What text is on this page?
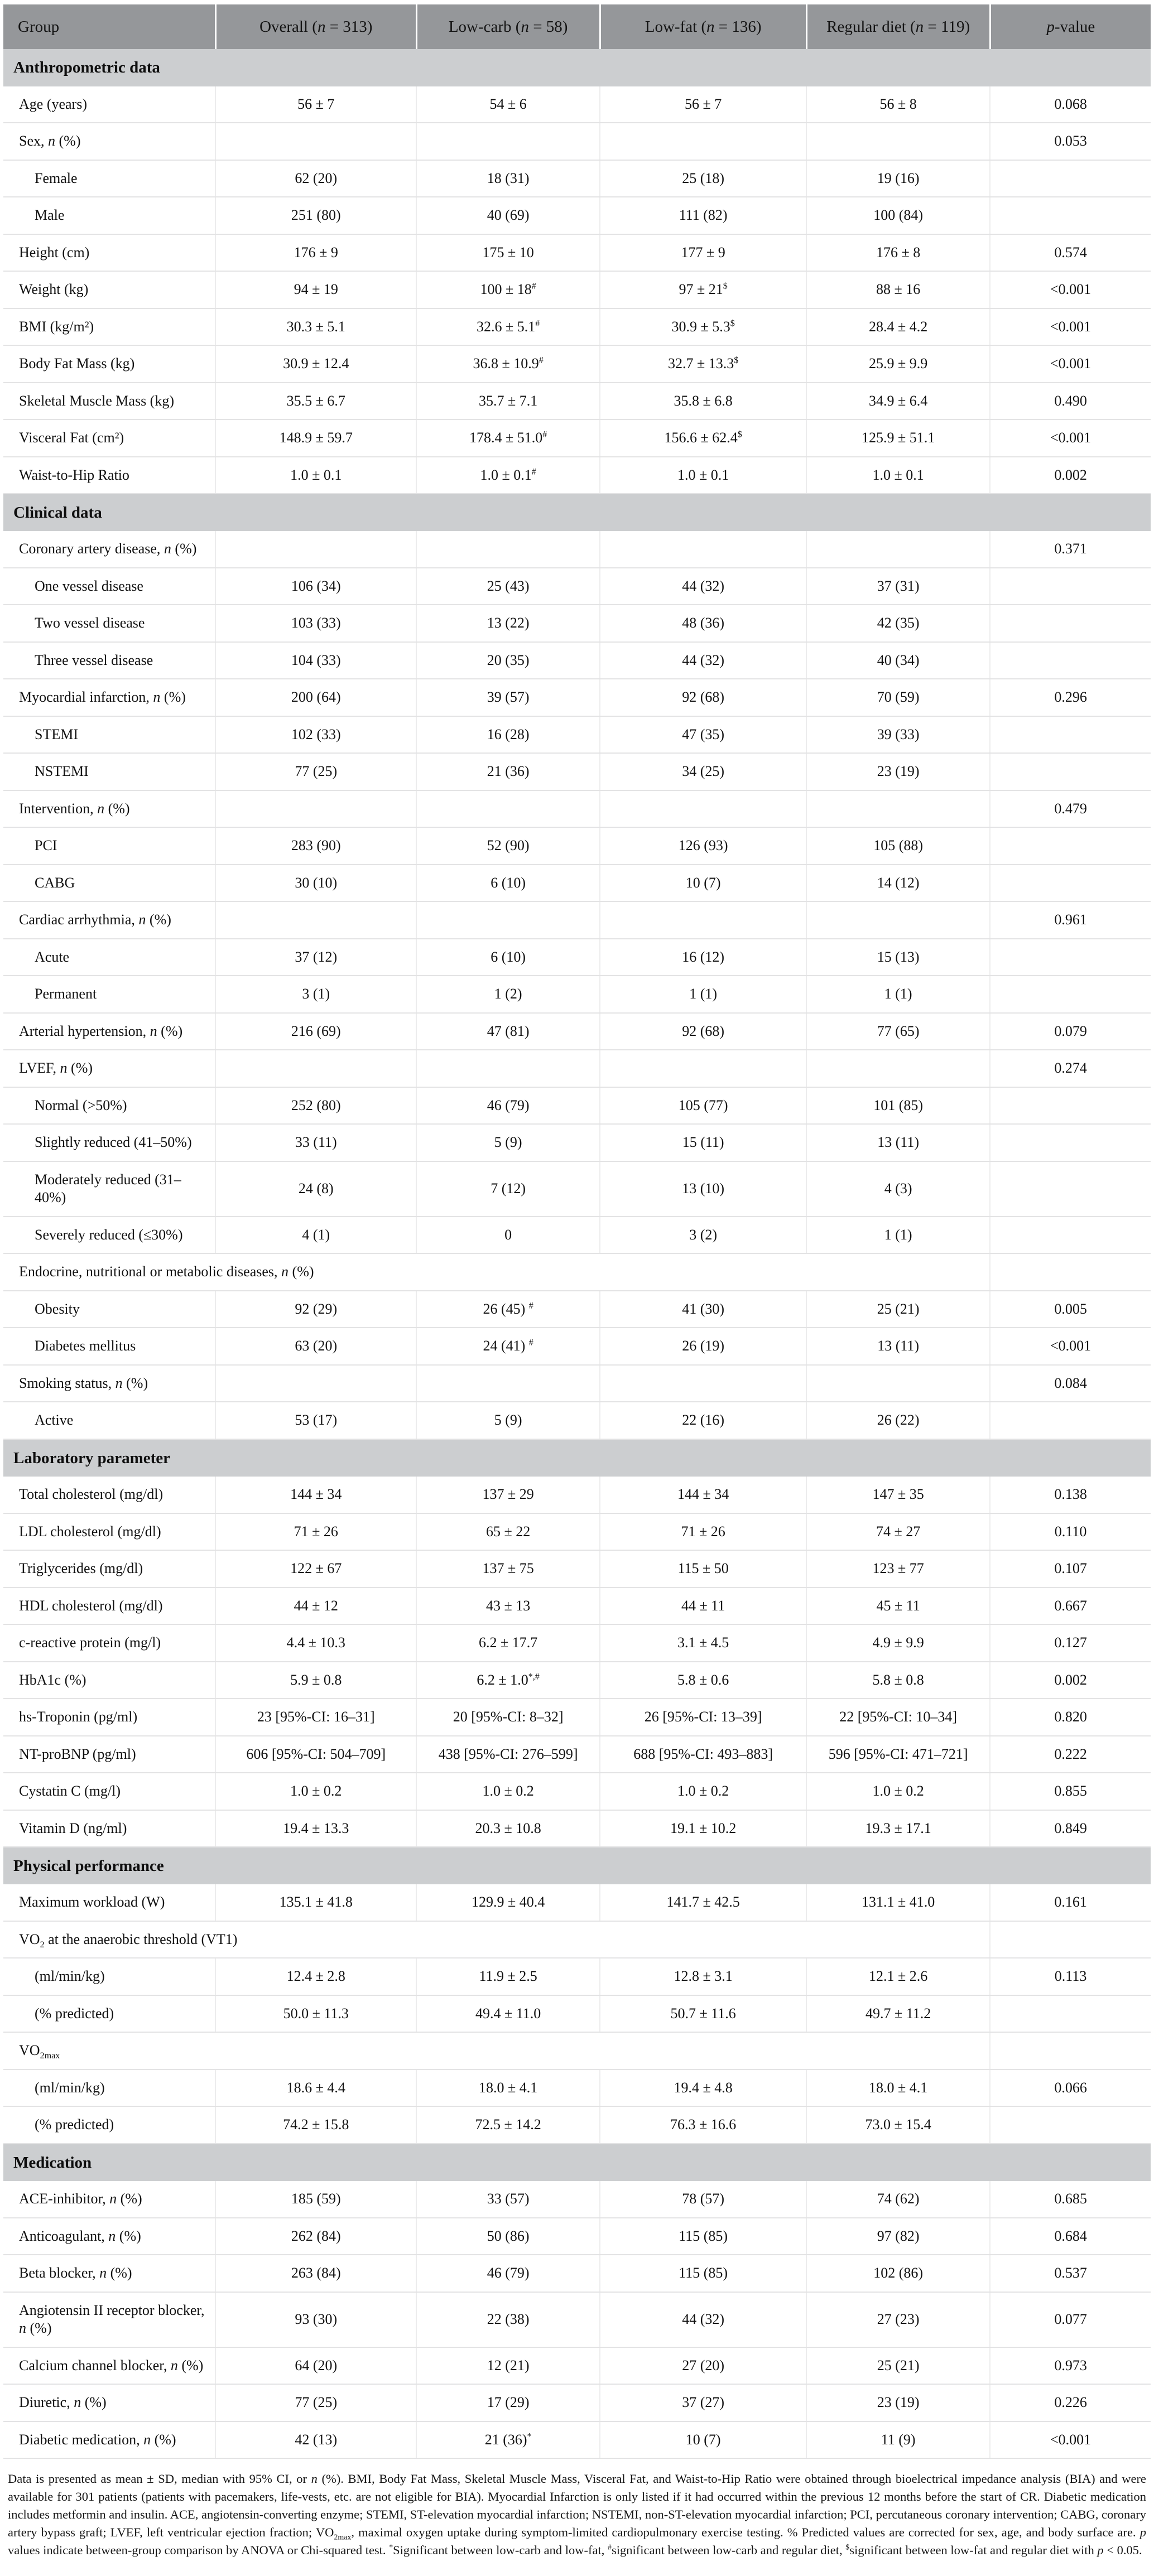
Group	Overall (n = 313)	Low-carb (n = 58)	Low-fat (n = 136)	Regular diet (n = 119)	p-value
Anthropometric data					
Age (years)	56 ± 7	54 ± 6	56 ± 7	56 ± 8	0.068
Sex, n (%)					0.053
Female	62 (20)	18 (31)	25 (18)	19 (16)	
Male	251 (80)	40 (69)	111 (82)	100 (84)	
Height (cm)	176 ± 9	175 ± 10	177 ± 9	176 ± 8	0.574
Weight (kg)	94 ± 19	100 ± 18#	97 ± 21$	88 ± 16	<0.001
BMI (kg/m²)	30.3 ± 5.1	32.6 ± 5.1#	30.9 ± 5.3$	28.4 ± 4.2	<0.001
Body Fat Mass (kg)	30.9 ± 12.4	36.8 ± 10.9#	32.7 ± 13.3$	25.9 ± 9.9	<0.001
Skeletal Muscle Mass (kg)	35.5 ± 6.7	35.7 ± 7.1	35.8 ± 6.8	34.9 ± 6.4	0.490
Visceral Fat (cm²)	148.9 ± 59.7	178.4 ± 51.0#	156.6 ± 62.4$	125.9 ± 51.1	<0.001
Waist-to-Hip Ratio	1.0 ± 0.1	1.0 ± 0.1#	1.0 ± 0.1	1.0 ± 0.1	0.002
Clinical data					
Coronary artery disease, n (%)					0.371
One vessel disease	106 (34)	25 (43)	44 (32)	37 (31)	
Two vessel disease	103 (33)	13 (22)	48 (36)	42 (35)	
Three vessel disease	104 (33)	20 (35)	44 (32)	40 (34)	
Myocardial infarction, n (%)	200 (64)	39 (57)	92 (68)	70 (59)	0.296
STEMI	102 (33)	16 (28)	47 (35)	39 (33)	
NSTEMI	77 (25)	21 (36)	34 (25)	23 (19)	
Intervention, n (%)					0.479
PCI	283 (90)	52 (90)	126 (93)	105 (88)	
CABG	30 (10)	6 (10)	10 (7)	14 (12)	
Cardiac arrhythmia, n (%)					0.961
Acute	37 (12)	6 (10)	16 (12)	15 (13)	
Permanent	3 (1)	1 (2)	1 (1)	1 (1)	
Arterial hypertension, n (%)	216 (69)	47 (81)	92 (68)	77 (65)	0.079
LVEF, n (%)					0.274
Normal (>50%)	252 (80)	46 (79)	105 (77)	101 (85)	
Slightly reduced (41–50%)	33 (11)	5 (9)	15 (11)	13 (11)	
Moderately reduced (31–40%)	24 (8)	7 (12)	13 (10)	4 (3)	
Severely reduced (≤30%)	4 (1)	0	3 (2)	1 (1)	
Endocrine, nutritional or metabolic diseases, n (%)					
Obesity	92 (29)	26 (45) #	41 (30)	25 (21)	0.005
Diabetes mellitus	63 (20)	24 (41) #	26 (19)	13 (11)	<0.001
Smoking status, n (%)					0.084
Active	53 (17)	5 (9)	22 (16)	26 (22)	
Laboratory parameter					
Total cholesterol (mg/dl)	144 ± 34	137 ± 29	144 ± 34	147 ± 35	0.138
LDL cholesterol (mg/dl)	71 ± 26	65 ± 22	71 ± 26	74 ± 27	0.110
Triglycerides (mg/dl)	122 ± 67	137 ± 75	115 ± 50	123 ± 77	0.107
HDL cholesterol (mg/dl)	44 ± 12	43 ± 13	44 ± 11	45 ± 11	0.667
c-reactive protein (mg/l)	4.4 ± 10.3	6.2 ± 17.7	3.1 ± 4.5	4.9 ± 9.9	0.127
HbA1c (%)	5.9 ± 0.8	6.2 ± 1.0*,#	5.8 ± 0.6	5.8 ± 0.8	0.002
hs-Troponin (pg/ml)	23 [95%-CI: 16–31]	20 [95%-CI: 8–32]	26 [95%-CI: 13–39]	22 [95%-CI: 10–34]	0.820
NT-proBNP (pg/ml)	606 [95%-CI: 504–709]	438 [95%-CI: 276–599]	688 [95%-CI: 493–883]	596 [95%-CI: 471–721]	0.222
Cystatin C (mg/l)	1.0 ± 0.2	1.0 ± 0.2	1.0 ± 0.2	1.0 ± 0.2	0.855
Vitamin D (ng/ml)	19.4 ± 13.3	20.3 ± 10.8	19.1 ± 10.2	19.3 ± 17.1	0.849
Physical performance					
Maximum workload (W)	135.1 ± 41.8	129.9 ± 40.4	141.7 ± 42.5	131.1 ± 41.0	0.161
$VO_2$ at the anaerobic threshold (VT1)					
(ml/min/kg)	12.4 ± 2.8	11.9 ± 2.5	12.8 ± 3.1	12.1 ± 2.6	0.113
(% predicted)	50.0 ± 11.3	49.4 ± 11.0	50.7 ± 11.6	49.7 ± 11.2	
$VO_{2max}$	
(ml/min/kg)	18.6 ± 4.4	18.0 ± 4.1	19.4 ± 4.8	18.0 ± 4.1	0.066
(% predicted)	74.2 ± 15.8	72.5 ± 14.2	76.3 ± 16.6	73.0 ± 15.4	
Medication					
ACE-inhibitor, n (%)	185 (59)	33 (57)	78 (57)	74 (62)	0.685
Anticoagulant, n (%)	262 (84)	50 (86)	115 (85)	97 (82)	0.684
Beta blocker, n (%)	263 (84)	46 (79)	115 (85)	102 (86)	0.537
Angiotensin II receptor blocker, n (%)	93 (30)	22 (38)	44 (32)	27 (23)	0.077
Calcium channel blocker, n (%)	64 (20)	12 (21)	27 (20)	25 (21)	0.973
Diuretic, n (%)	77 (25)	17 (29)	37 (27)	23 (19)	0.226
Diabetic medication, n (%)	42 (13)	21 (36)*	10 (7)	11 (9)	<0.001
Data is presented as mean ± SD, median with 95% CI, or n (%). BMI, Body Fat Mass, Skeletal Muscle Mass, Visceral Fat, and Waist-to-Hip Ratio were obtained through bioelectrical impedance analysis (BIA) and were available for 301 patients (patients with pacemakers, life-vests, etc. are not eligible for BIA). Myocardial Infarction is only listed if it had occurred within the previous 12 months before the start of CR. Diabetic medication includes metformin and insulin. ACE, angiotensin-converting enzyme; STEMI, ST-elevation myocardial infarction; NSTEMI, non-ST-elevation myocardial infarction; PCI, percutaneous coronary intervention; CABG, coronary artery bypass graft; LVEF, left ventricular ejection fraction; $VO_{2max}$, maximal oxygen uptake during symptom-limited cardiopulmonary exercise testing. % Predicted values are corrected for sex, age, and body surface are. p values indicate between-group comparison by ANOVA or Chi-squared test. *Significant between low-carb and low-fat, #significant between low-carb and regular diet, $significant between low-fat and regular diet with p < 0.05.
